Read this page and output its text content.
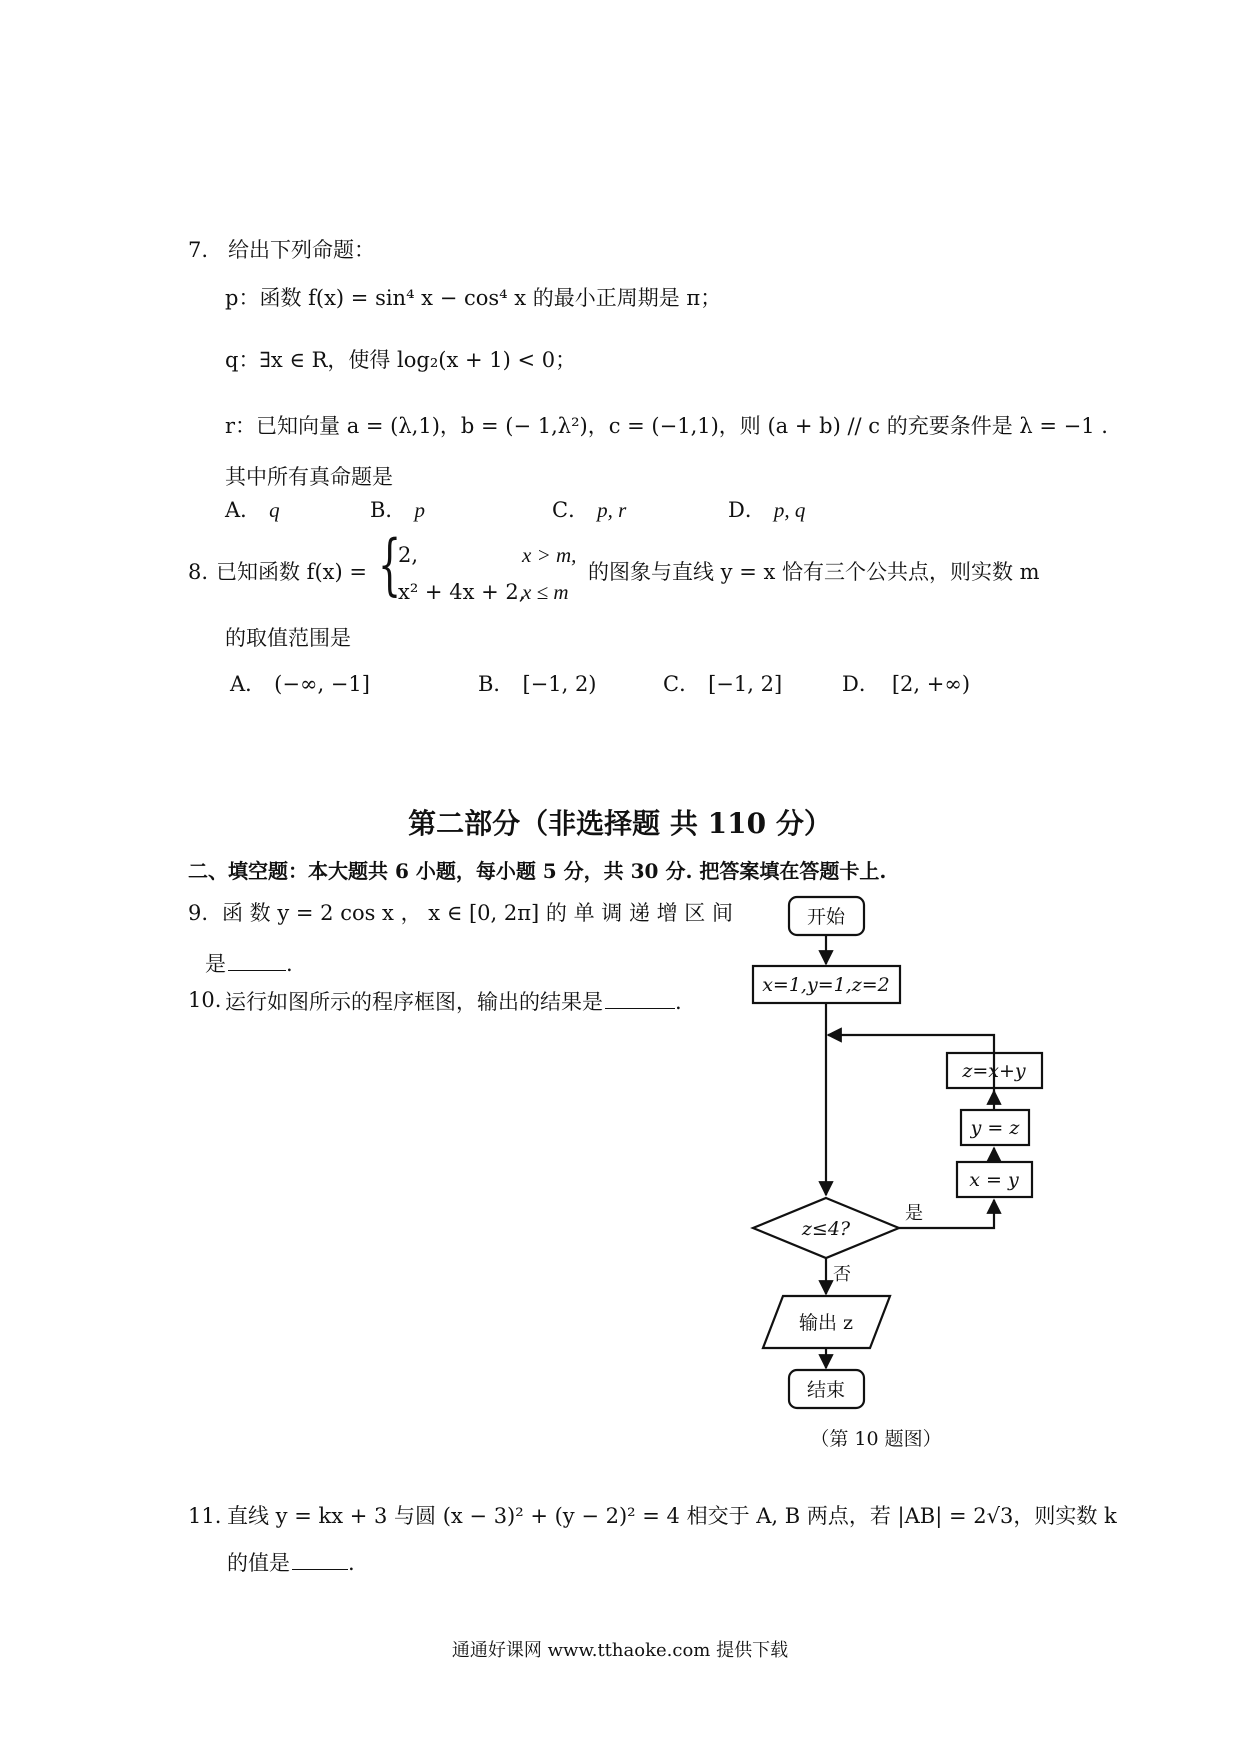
7. 给出下列命题：
p：函数 f(x) = sin⁴ x − cos⁴ x 的最小正周期是 π；
q：∃x ∈ R，使得 log₂(x + 1) < 0；
r：已知向量 a = (λ,1)，b = (− 1,λ²)，c = (−1,1)，则 (a + b) // c 的充要条件是 λ = −1 .
其中所有真命题是
A． q	B． p	C． p, r	D． p, q
8. 已知函数 f(x) = {
2,	x > m,
x² + 4x + 2,
x ≤ m
的图象与直线 y = x 恰有三个公共点，则实数 m
的取值范围是
A． (−∞, −1]	B． [−1, 2)	C． [−1, 2]	D． [2, +∞)
第二部分（非选择题 共 110 分）
二、填空题：本大题共 6 小题，每小题 5 分，共 30 分. 把答案填在答题卡上.
9. 函 数 y = 2 cos x ， x ∈ [0, 2π] 的 单 调 递 增 区 间
是	.
10. 运行如图所示的程序框图，输出的结果是	.
开始
x=1,y=1,z=2
z=x+y
y = z
x = y
z≤4?
是
否
输出 z
结束
（第 10 题图）
11. 直线 y = kx + 3 与圆 (x − 3)² + (y − 2)² = 4 相交于 A, B 两点，若 |AB| = 2√3，则实数 k
的值是	.
通通好课网 www.tthaoke.com 提供下载
